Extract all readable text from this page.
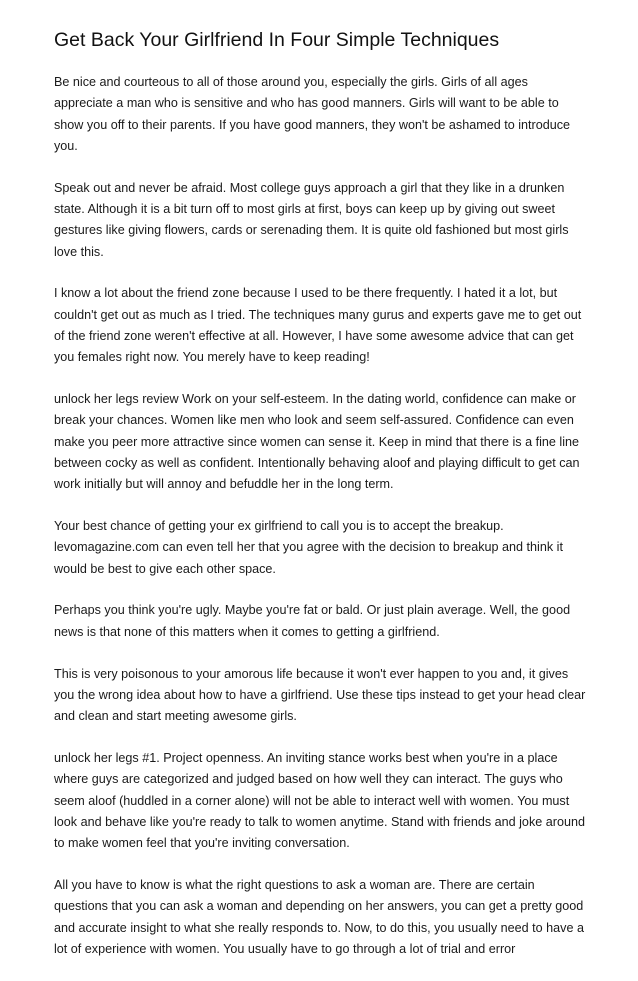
Get Back Your Girlfriend In Four Simple Techniques

Be nice and courteous to all of those around you, especially the girls. Girls of all ages appreciate a man who is sensitive and who has good manners. Girls will want to be able to show you off to their parents. If you have good manners, they won't be ashamed to introduce you.

Speak out and never be afraid. Most college guys approach a girl that they like in a drunken state. Although it is a bit turn off to most girls at first, boys can keep up by giving out sweet gestures like giving flowers, cards or serenading them. It is quite old fashioned but most girls love this.

I know a lot about the friend zone because I used to be there frequently. I hated it a lot, but couldn't get out as much as I tried. The techniques many gurus and experts gave me to get out of the friend zone weren't effective at all. However, I have some awesome advice that can get you females right now. You merely have to keep reading!

unlock her legs review Work on your self-esteem. In the dating world, confidence can make or break your chances. Women like men who look and seem self-assured. Confidence can even make you peer more attractive since women can sense it. Keep in mind that there is a fine line between cocky as well as confident. Intentionally behaving aloof and playing difficult to get can work initially but will annoy and befuddle her in the long term.

Your best chance of getting your ex girlfriend to call you is to accept the breakup. levomagazine.com can even tell her that you agree with the decision to breakup and think it would be best to give each other space.

Perhaps you think you're ugly. Maybe you're fat or bald. Or just plain average. Well, the good news is that none of this matters when it comes to getting a girlfriend.

This is very poisonous to your amorous life because it won't ever happen to you and, it gives you the wrong idea about how to have a girlfriend. Use these tips instead to get your head clear and clean and start meeting awesome girls.

unlock her legs #1. Project openness. An inviting stance works best when you're in a place where guys are categorized and judged based on how well they can interact. The guys who seem aloof (huddled in a corner alone) will not be able to interact well with women. You must look and behave like you're ready to talk to women anytime. Stand with friends and joke around to make women feel that you're inviting conversation.

All you have to know is what the right questions to ask a woman are. There are certain questions that you can ask a woman and depending on her answers, you can get a pretty good and accurate insight to what she really responds to. Now, to do this, you usually need to have a lot of experience with women. You usually have to go through a lot of trial and error
